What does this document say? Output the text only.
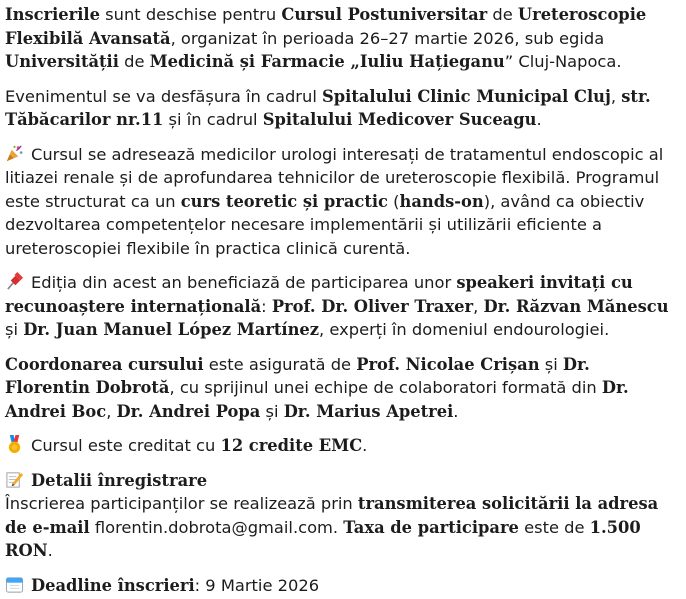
Inscrierile sunt deschise pentru Cursul Postuniversitar de Ureteroscopie Flexibilă Avansată, organizat în perioada 26–27 martie 2026, sub egida Universității de Medicină și Farmacie „Iuliu Hațieganu” Cluj-Napoca.

Evenimentul se va desfășura în cadrul Spitalului Clinic Municipal Cluj, str. Tăbăcarilor nr.11 și în cadrul Spitalului Medicover Suceagu.

Cursul se adresează medicilor urologi interesați de tratamentul endoscopic al litiazei renale și de aprofundarea tehnicilor de ureteroscopie flexibilă. Programul este structurat ca un curs teoretic și practic (hands-on), având ca obiectiv dezvoltarea competențelor necesare implementării și utilizării eficiente a ureteroscopiei flexibile în practica clinică curentă.

Ediția din acest an beneficiază de participarea unor speakeri invitați cu recunoaștere internațională: Prof. Dr. Oliver Traxer, Dr. Răzvan Mănescu și Dr. Juan Manuel López Martínez, experți în domeniul endourologiei.

Coordonarea cursului este asigurată de Prof. Nicolae Crișan și Dr. Florentin Dobrotă, cu sprijinul unei echipe de colaboratori formată din Dr. Andrei Boc, Dr. Andrei Popa și Dr. Marius Apetrei.

Cursul este creditat cu 12 credite EMC.

Detalii înregistrare

Înscrierea participanților se realizează prin transmiterea solicitării la adresa de e-mail florentin.dobrota@gmail.com. Taxa de participare este de 1.500 RON.

Deadline înscrieri: 9 Martie 2026
